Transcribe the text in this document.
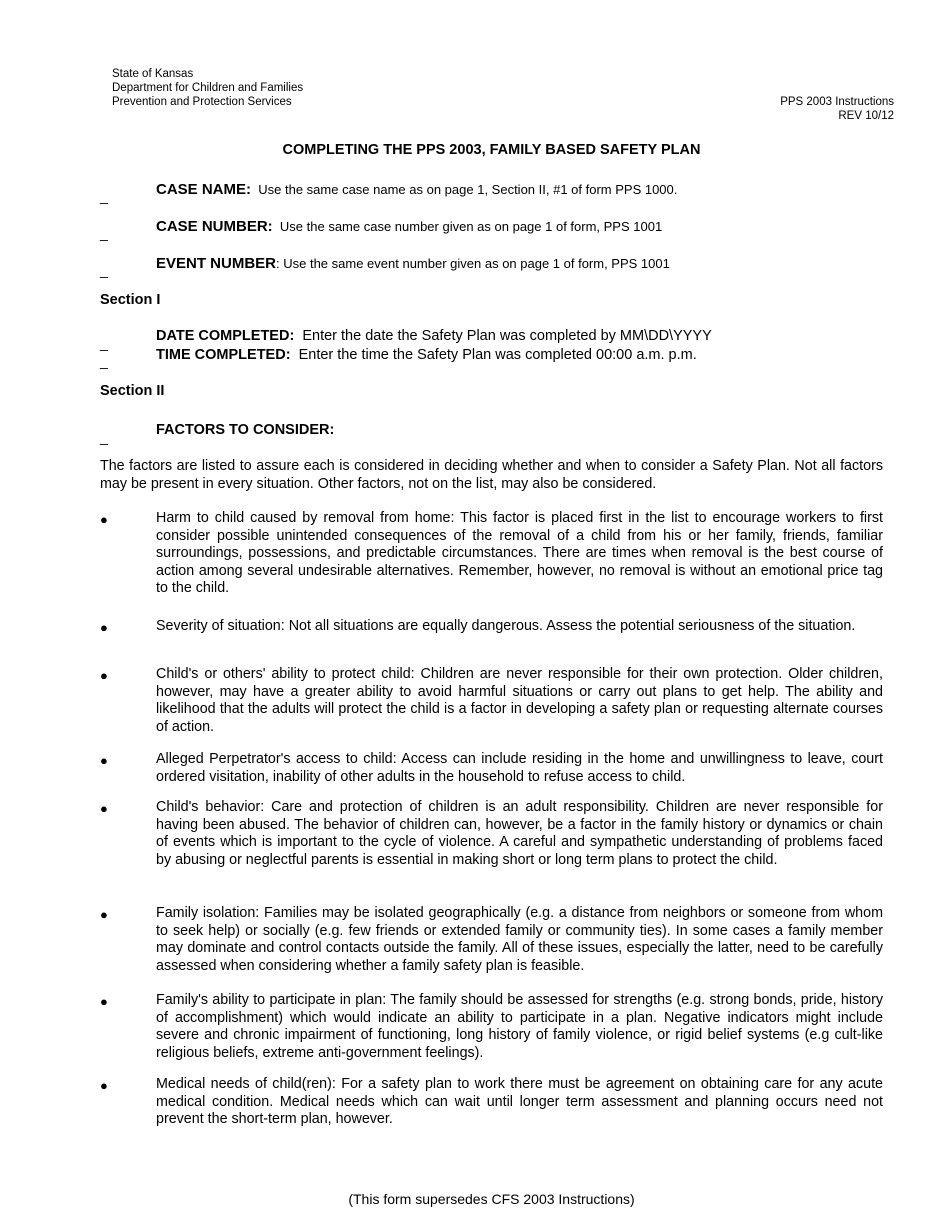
State of Kansas
Department for Children and Families
Prevention and Protection Services	PPS 2003 Instructions
REV 10/12
COMPLETING THE PPS 2003, FAMILY BASED SAFETY PLAN
_	CASE NAME: Use the same case name as on page 1, Section II, #1 of form PPS 1000.
_	CASE NUMBER: Use the same case number given as on page 1 of form, PPS 1001
_	EVENT NUMBER: Use the same event number given as on page 1 of form, PPS 1001
Section I
_	DATE COMPLETED: Enter the date the Safety Plan was completed by MM\DD\YYYY
_	TIME COMPLETED: Enter the time the Safety Plan was completed 00:00 a.m. p.m.
Section II
_	FACTORS TO CONSIDER:
The factors are listed to assure each is considered in deciding whether and when to consider a Safety Plan. Not all factors may be present in every situation. Other factors, not on the list, may also be considered.
●	Harm to child caused by removal from home: This factor is placed first in the list to encourage workers to first consider possible unintended consequences of the removal of a child from his or her family, friends, familiar surroundings, possessions, and predictable circumstances. There are times when removal is the best course of action among several undesirable alternatives. Remember, however, no removal is without an emotional price tag to the child.
●	Severity of situation: Not all situations are equally dangerous. Assess the potential seriousness of the situation.
●	Child's or others' ability to protect child: Children are never responsible for their own protection. Older children, however, may have a greater ability to avoid harmful situations or carry out plans to get help. The ability and likelihood that the adults will protect the child is a factor in developing a safety plan or requesting alternate courses of action.
●	Alleged Perpetrator's access to child: Access can include residing in the home and unwillingness to leave, court ordered visitation, inability of other adults in the household to refuse access to child.
●	Child's behavior: Care and protection of children is an adult responsibility. Children are never responsible for having been abused. The behavior of children can, however, be a factor in the family history or dynamics or chain of events which is important to the cycle of violence. A careful and sympathetic understanding of problems faced by abusing or neglectful parents is essential in making short or long term plans to protect the child.
●	Family isolation: Families may be isolated geographically (e.g. a distance from neighbors or someone from whom to seek help) or socially (e.g. few friends or extended family or community ties). In some cases a family member may dominate and control contacts outside the family. All of these issues, especially the latter, need to be carefully assessed when considering whether a family safety plan is feasible.
●	Family's ability to participate in plan: The family should be assessed for strengths (e.g. strong bonds, pride, history of accomplishment) which would indicate an ability to participate in a plan. Negative indicators might include severe and chronic impairment of functioning, long history of family violence, or rigid belief systems (e.g cult-like religious beliefs, extreme anti-government feelings).
●	Medical needs of child(ren): For a safety plan to work there must be agreement on obtaining care for any acute medical condition. Medical needs which can wait until longer term assessment and planning occurs need not prevent the short-term plan, however.
(This form supersedes CFS 2003 Instructions)
